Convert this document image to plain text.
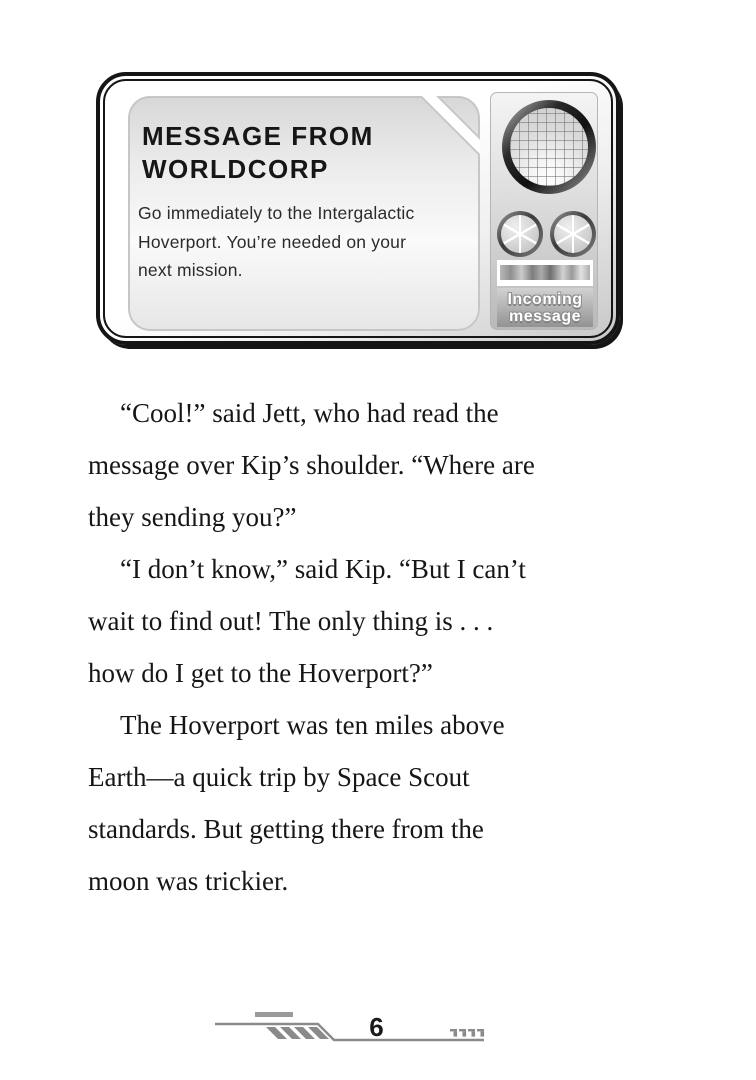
MESSAGE FROM
WORLDCORP
Go immediately to the Intergalactic
Hoverport. You’re needed on your
next mission.
Incoming
message
“Cool!” said Jett, who had read the
message over Kip’s shoulder. “Where are
they sending you?”
“I don’t know,” said Kip. “But I can’t
wait to find out! The only thing is . . .
how do I get to the Hoverport?”
The Hoverport was ten miles above
Earth—a quick trip by Space Scout
standards. But getting there from the
moon was trickier.
6
